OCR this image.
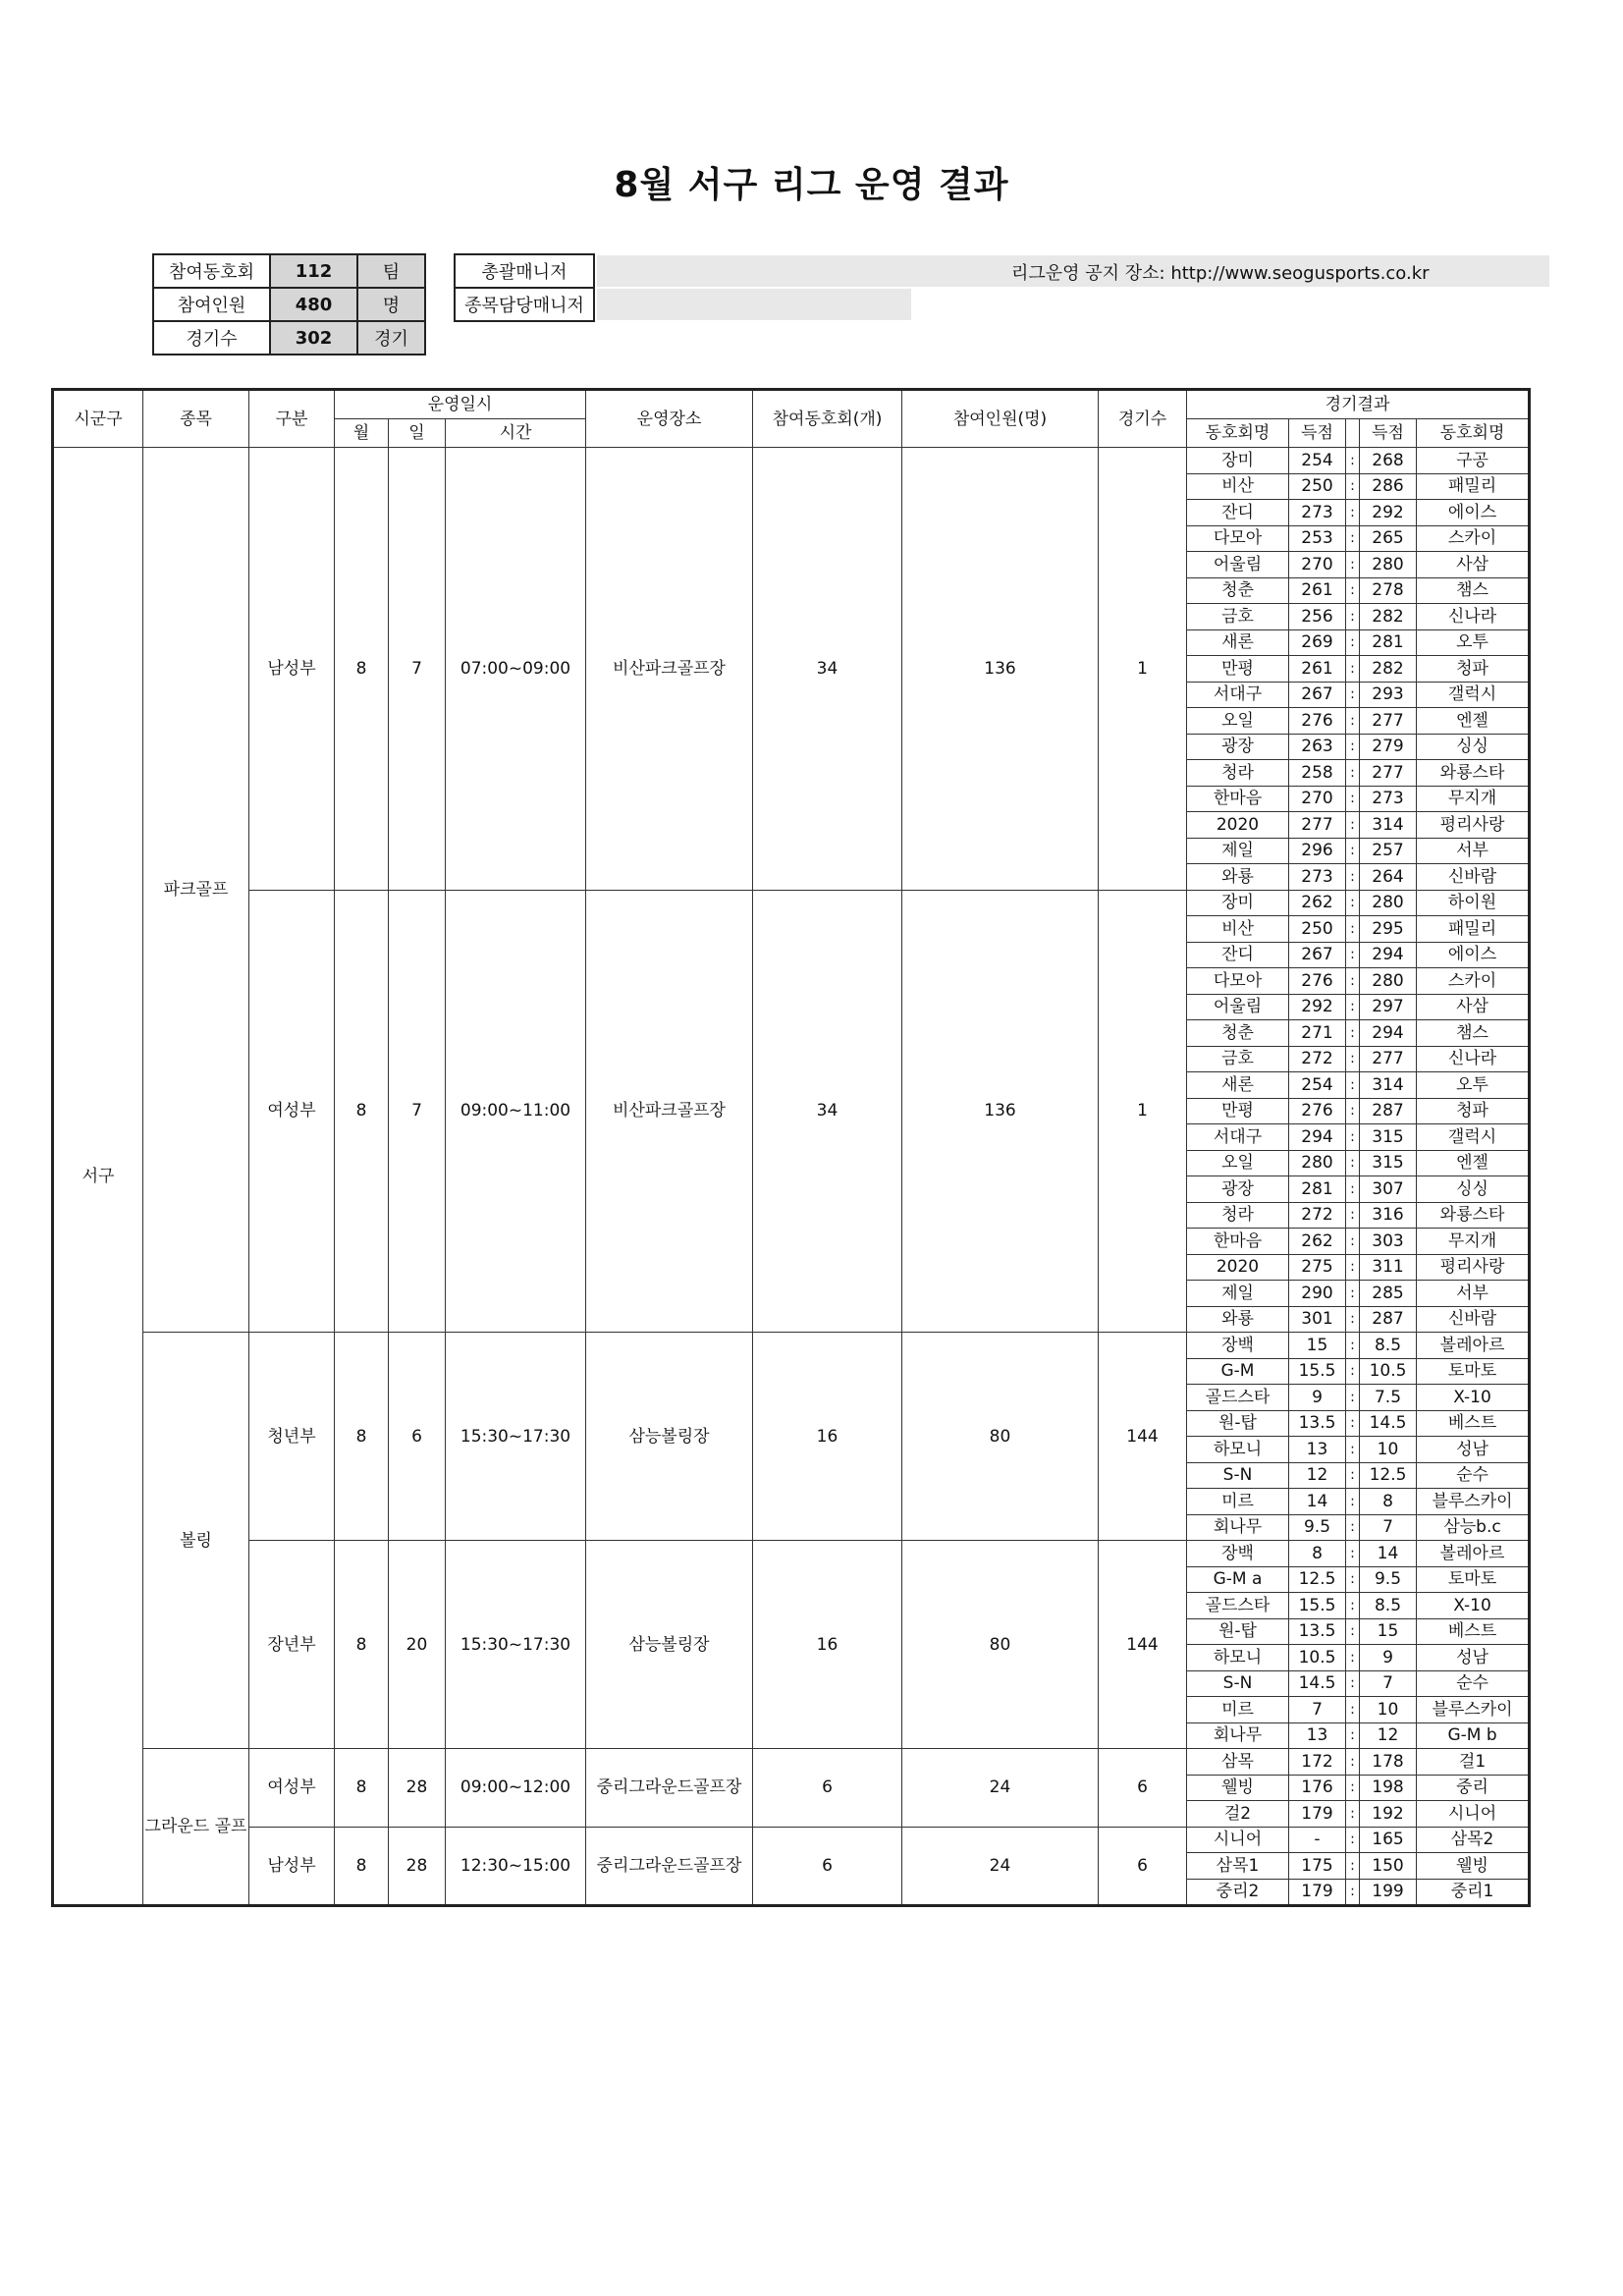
8월 서구 리그 운영 결과
참여동호회	112	팀
참여인원	480	명
경기수	302	경기
총괄매니저
종목담당매니저
리그운영 공지 장소: http://www.seogusports.co.kr
시군구	종목	구분	운영일시			운영장소	참여동호회(개)	참여인원(명)	경기수	경기결과				
			월	일	시간					동호회명	득점		득점	동호회명
서구	파크골프	남성부	8	7	07:00~09:00	비산파크골프장	34	136	1	장미	254	:	268	구공
										비산	250	:	286	패밀리
										잔디	273	:	292	에이스
										다모아	253	:	265	스카이
										어울림	270	:	280	사삼
										청춘	261	:	278	챔스
										금호	256	:	282	신나라
										새론	269	:	281	오투
										만평	261	:	282	청파
										서대구	267	:	293	갤럭시
										오일	276	:	277	엔젤
										광장	263	:	279	싱싱
										청라	258	:	277	와룡스타
										한마음	270	:	273	무지개
										2020	277	:	314	평리사랑
										제일	296	:	257	서부
										와룡	273	:	264	신바람
		여성부	8	7	09:00~11:00	비산파크골프장	34	136	1	장미	262	:	280	하이원
										비산	250	:	295	패밀리
										잔디	267	:	294	에이스
										다모아	276	:	280	스카이
										어울림	292	:	297	사삼
										청춘	271	:	294	챔스
										금호	272	:	277	신나라
										새론	254	:	314	오투
										만평	276	:	287	청파
										서대구	294	:	315	갤럭시
										오일	280	:	315	엔젤
										광장	281	:	307	싱싱
										청라	272	:	316	와룡스타
										한마음	262	:	303	무지개
										2020	275	:	311	평리사랑
										제일	290	:	285	서부
										와룡	301	:	287	신바람
	볼링	청년부	8	6	15:30~17:30	삼능볼링장	16	80	144	장백	15	:	8.5	볼레아르
										G-M	15.5	:	10.5	토마토
										골드스타	9	:	7.5	X-10
										원-탑	13.5	:	14.5	베스트
										하모니	13	:	10	성남
										S-N	12	:	12.5	순수
										미르	14	:	8	블루스카이
										회나무	9.5	:	7	삼능b.c
		장년부	8	20	15:30~17:30	삼능볼링장	16	80	144	장백	8	:	14	볼레아르
										G-M a	12.5	:	9.5	토마토
										골드스타	15.5	:	8.5	X-10
										원-탑	13.5	:	15	베스트
										하모니	10.5	:	9	성남
										S-N	14.5	:	7	순수
										미르	7	:	10	블루스카이
										회나무	13	:	12	G-M b
	그라운드 골프	여성부	8	28	09:00~12:00	중리그라운드골프장	6	24	6	삼목	172	:	178	걸1
										웰빙	176	:	198	중리
										걸2	179	:	192	시니어
		남성부	8	28	12:30~15:00	중리그라운드골프장	6	24	6	시니어	-	:	165	삼목2
										삼목1	175	:	150	웰빙
										중리2	179	:	199	중리1
